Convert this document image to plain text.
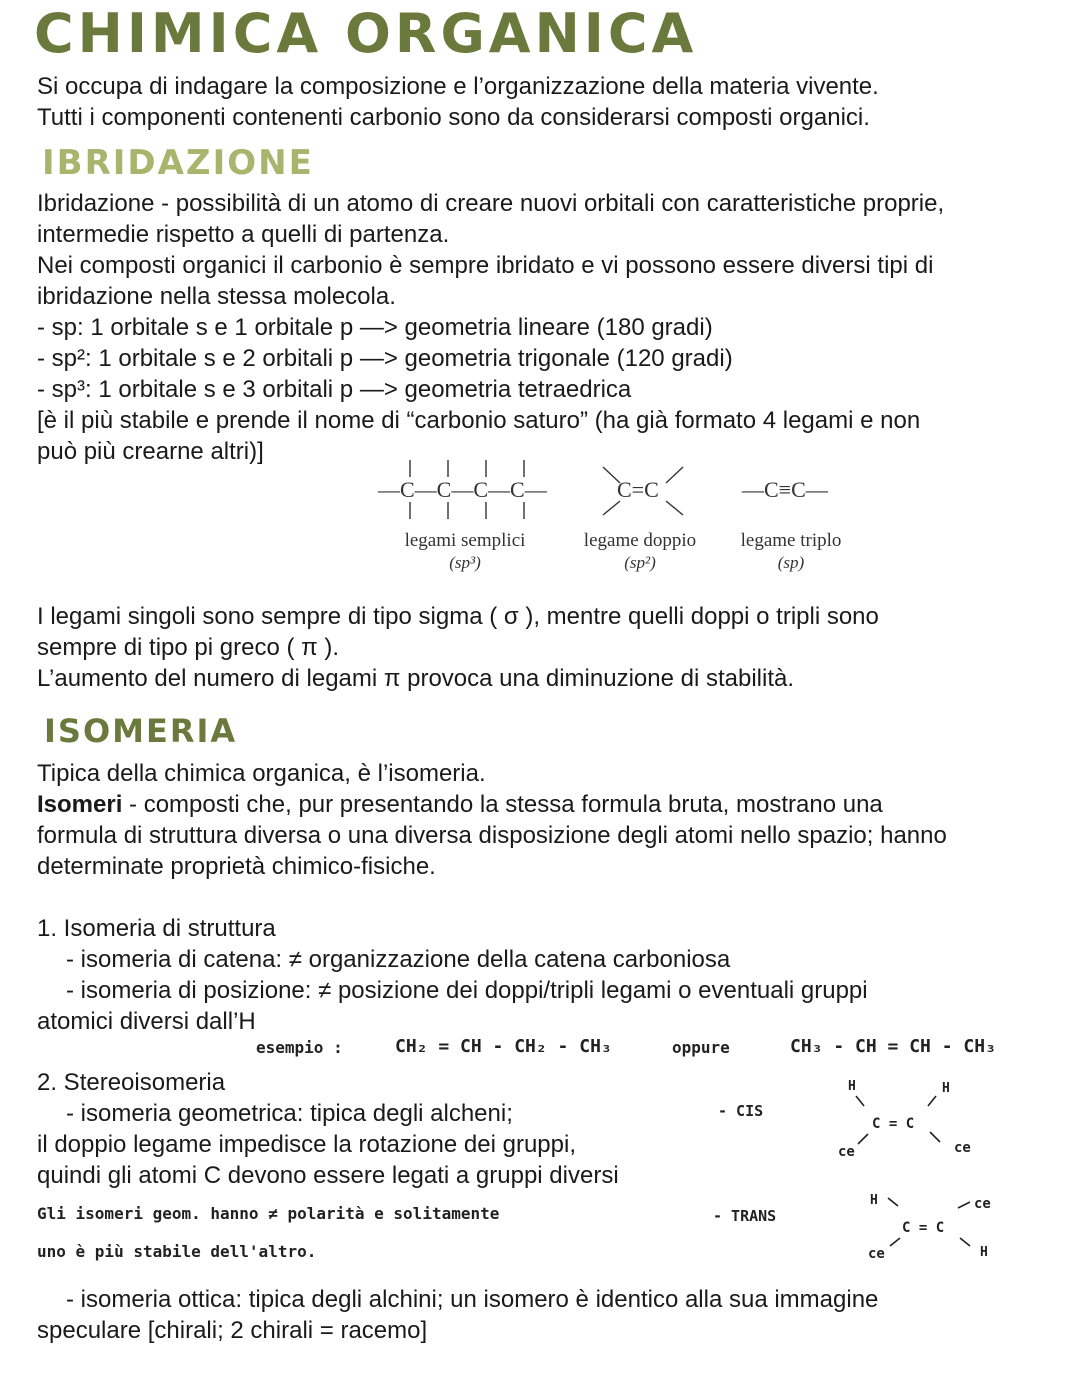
CHIMICA ORGANICA
Si occupa di indagare la composizione e l’organizzazione della materia vivente.
Tutti i componenti contenenti carbonio sono da considerarsi composti organici.
IBRIDAZIONE
Ibridazione - possibilità di un atomo di creare nuovi orbitali con caratteristiche proprie,
intermedie rispetto a quelli di partenza.
Nei composti organici il carbonio è sempre ibridato e vi possono essere diversi tipi di
ibridazione nella stessa molecola.
- sp: 1 orbitale s e 1 orbitale p —> geometria lineare (180 gradi)
- sp²: 1 orbitale s e 2 orbitali p —> geometria trigonale (120 gradi)
- sp³: 1 orbitale s e 3 orbitali p —> geometria tetraedrica
[è il più stabile e prende il nome di “carbonio saturo” (ha già formato 4 legami e non
può più crearne altri)]
—C—C—C—C—	C=C	—C≡C—
legami semplici
(sp³)
legame doppio
(sp²)
legame triplo
(sp)
I legami singoli sono sempre di tipo sigma ( σ ), mentre quelli doppi o tripli sono
sempre di tipo pi greco ( π ).
L’aumento del numero di legami π provoca una diminuzione di stabilità.
ISOMERIA
Tipica della chimica organica, è l’isomeria.
Isomeri - composti che, pur presentando la stessa formula bruta, mostrano una
formula di struttura diversa o una diversa disposizione degli atomi nello spazio; hanno
determinate proprietà chimico-fisiche.
1. Isomeria di struttura
- isomeria di catena: ≠ organizzazione della catena carboniosa
- isomeria di posizione: ≠ posizione dei doppi/tripli legami o eventuali gruppi
atomici diversi dall’H
esempio :	CH₂ = CH - CH₂ - CH₃	oppure	CH₃ - CH = CH - CH₃
2. Stereoisomeria
- isomeria geometrica: tipica degli alcheni;
il doppio legame impedisce la rotazione dei gruppi,
quindi gli atomi C devono essere legati a gruppi diversi
Gli isomeri geom. hanno ≠ polarità e solitamente
uno è più stabile dell'altro.
- CIS
- TRANS
H	H
C = C
ce	ce
H	ce
C = C
ce	H
- isomeria ottica: tipica degli alchini; un isomero è identico alla sua immagine
speculare [chirali; 2 chirali = racemo]
